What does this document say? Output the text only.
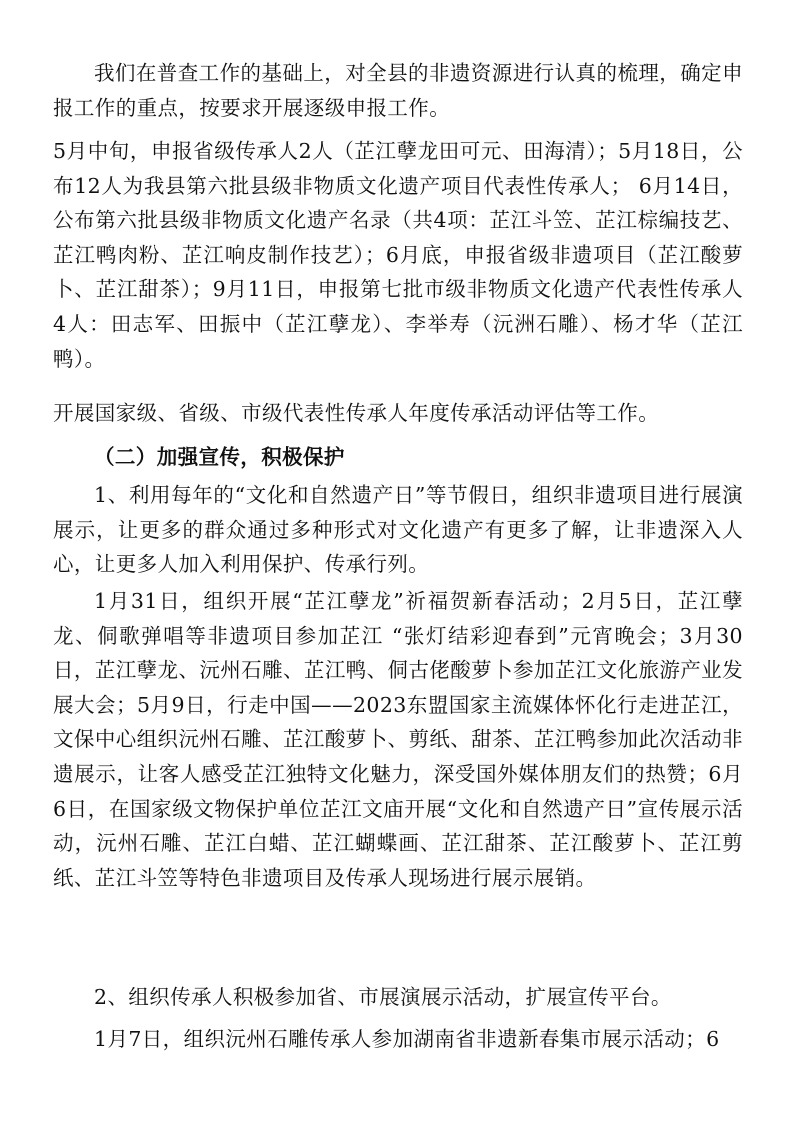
我们在普查工作的基础上，对全县的非遗资源进行认真的梳理，确定申报工作的重点，按要求开展逐级申报工作。

5月中旬，申报省级传承人2人（芷江孽龙田可元、田海清）；5月18日，公布12人为我县第六批县级非物质文化遗产项目代表性传承人； 6月14日，公布第六批县级非物质文化遗产名录（共4项：芷江斗笠、芷江棕编技艺、芷江鸭肉粉、芷江响皮制作技艺）；6月底，申报省级非遗项目（芷江酸萝卜、芷江甜茶）；9月11日，申报第七批市级非物质文化遗产代表性传承人4人：田志军、田振中（芷江孽龙）、李举寿（沅洲石雕）、杨才华（芷江鸭）。

开展国家级、省级、市级代表性传承人年度传承活动评估等工作。

（二）加强宣传，积极保护

1、利用每年的“文化和自然遗产日”等节假日，组织非遗项目进行展演展示，让更多的群众通过多种形式对文化遗产有更多了解，让非遗深入人心，让更多人加入利用保护、传承行列。

1月31日，组织开展“芷江孽龙”祈福贺新春活动；2月5日，芷江孽龙、侗歌弹唱等非遗项目参加芷江 “张灯结彩迎春到”元宵晚会；3月30日，芷江孽龙、沅州石雕、芷江鸭、侗古佬酸萝卜参加芷江文化旅游产业发展大会；5月9日，行走中国——2023东盟国家主流媒体怀化行走进芷江，文保中心组织沅州石雕、芷江酸萝卜、剪纸、甜茶、芷江鸭参加此次活动非遗展示，让客人感受芷江独特文化魅力，深受国外媒体朋友们的热赞；6月6日，在国家级文物保护单位芷江文庙开展“文化和自然遗产日”宣传展示活动，沅州石雕、芷江白蜡、芷江蝴蝶画、芷江甜茶、芷江酸萝卜、芷江剪纸、芷江斗笠等特色非遗项目及传承人现场进行展示展销。

2、组织传承人积极参加省、市展演展示活动，扩展宣传平台。

1月7日，组织沅州石雕传承人参加湖南省非遗新春集市展示活动；6
